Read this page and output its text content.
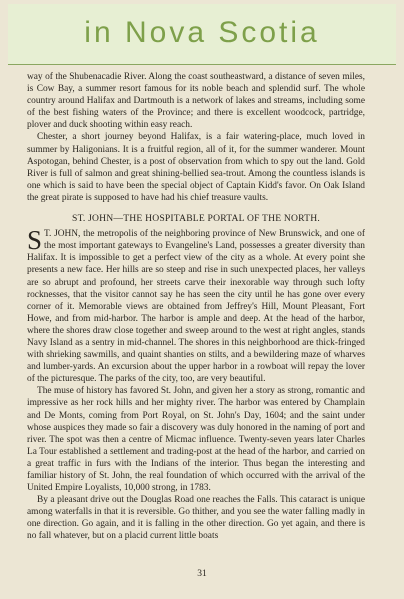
in Nova Scotia

way of the Shubenacadie River. Along the coast southeastward, a distance of seven miles, is Cow Bay, a summer resort famous for its noble beach and splendid surf. The whole country around Halifax and Dartmouth is a network of lakes and streams, including some of the best fishing waters of the Province; and there is excellent woodcock, partridge, plover and duck shooting within easy reach.

Chester, a short journey beyond Halifax, is a fair watering-place, much loved in summer by Haligonians. It is a fruitful region, all of it, for the summer wanderer. Mount Aspotogan, behind Chester, is a post of observation from which to spy out the land. Gold River is full of salmon and great shining-bellied sea-trout. Among the countless islands is one which is said to have been the special object of Captain Kidd's favor. On Oak Island the great pirate is supposed to have had his chief treasure vaults.

ST. JOHN—THE HOSPITABLE PORTAL OF THE NORTH.

S T. JOHN, the metropolis of the neighboring province of New Brunswick, and one of the most important gateways to Evangeline's Land, possesses a greater diversity than Halifax. It is impossible to get a perfect view of the city as a whole. At every point she presents a new face. Her hills are so steep and rise in such unexpected places, her valleys are so abrupt and profound, her streets carve their inexorable way through such lofty rocknesses, that the visitor cannot say he has seen the city until he has gone over every corner of it. Memorable views are obtained from Jeffrey's Hill, Mount Pleasant, Fort Howe, and from mid-harbor. The harbor is ample and deep. At the head of the harbor, where the shores draw close together and sweep around to the west at right angles, stands Navy Island as a sentry in mid-channel. The shores in this neighborhood are thick-fringed with shrieking sawmills, and quaint shanties on stilts, and a bewildering maze of wharves and lumber-yards. An excursion about the upper harbor in a rowboat will repay the lover of the picturesque. The parks of the city, too, are very beautiful.

The muse of history has favored St. John, and given her a story as strong, romantic and impressive as her rock hills and her mighty river. The harbor was entered by Champlain and De Monts, coming from Port Royal, on St. John's Day, 1604; and the saint under whose auspices they made so fair a discovery was duly honored in the naming of port and river. The spot was then a centre of Micmac influence. Twenty-seven years later Charles La Tour established a settlement and trading-post at the head of the harbor, and carried on a great traffic in furs with the Indians of the interior. Thus began the interesting and familiar history of St. John, the real foundation of which occurred with the arrival of the United Empire Loyalists, 10,000 strong, in 1783.

By a pleasant drive out the Douglas Road one reaches the Falls. This cataract is unique among waterfalls in that it is reversible. Go thither, and you see the water falling madly in one direction. Go again, and it is falling in the other direction. Go yet again, and there is no fall whatever, but on a placid current little boats

31
